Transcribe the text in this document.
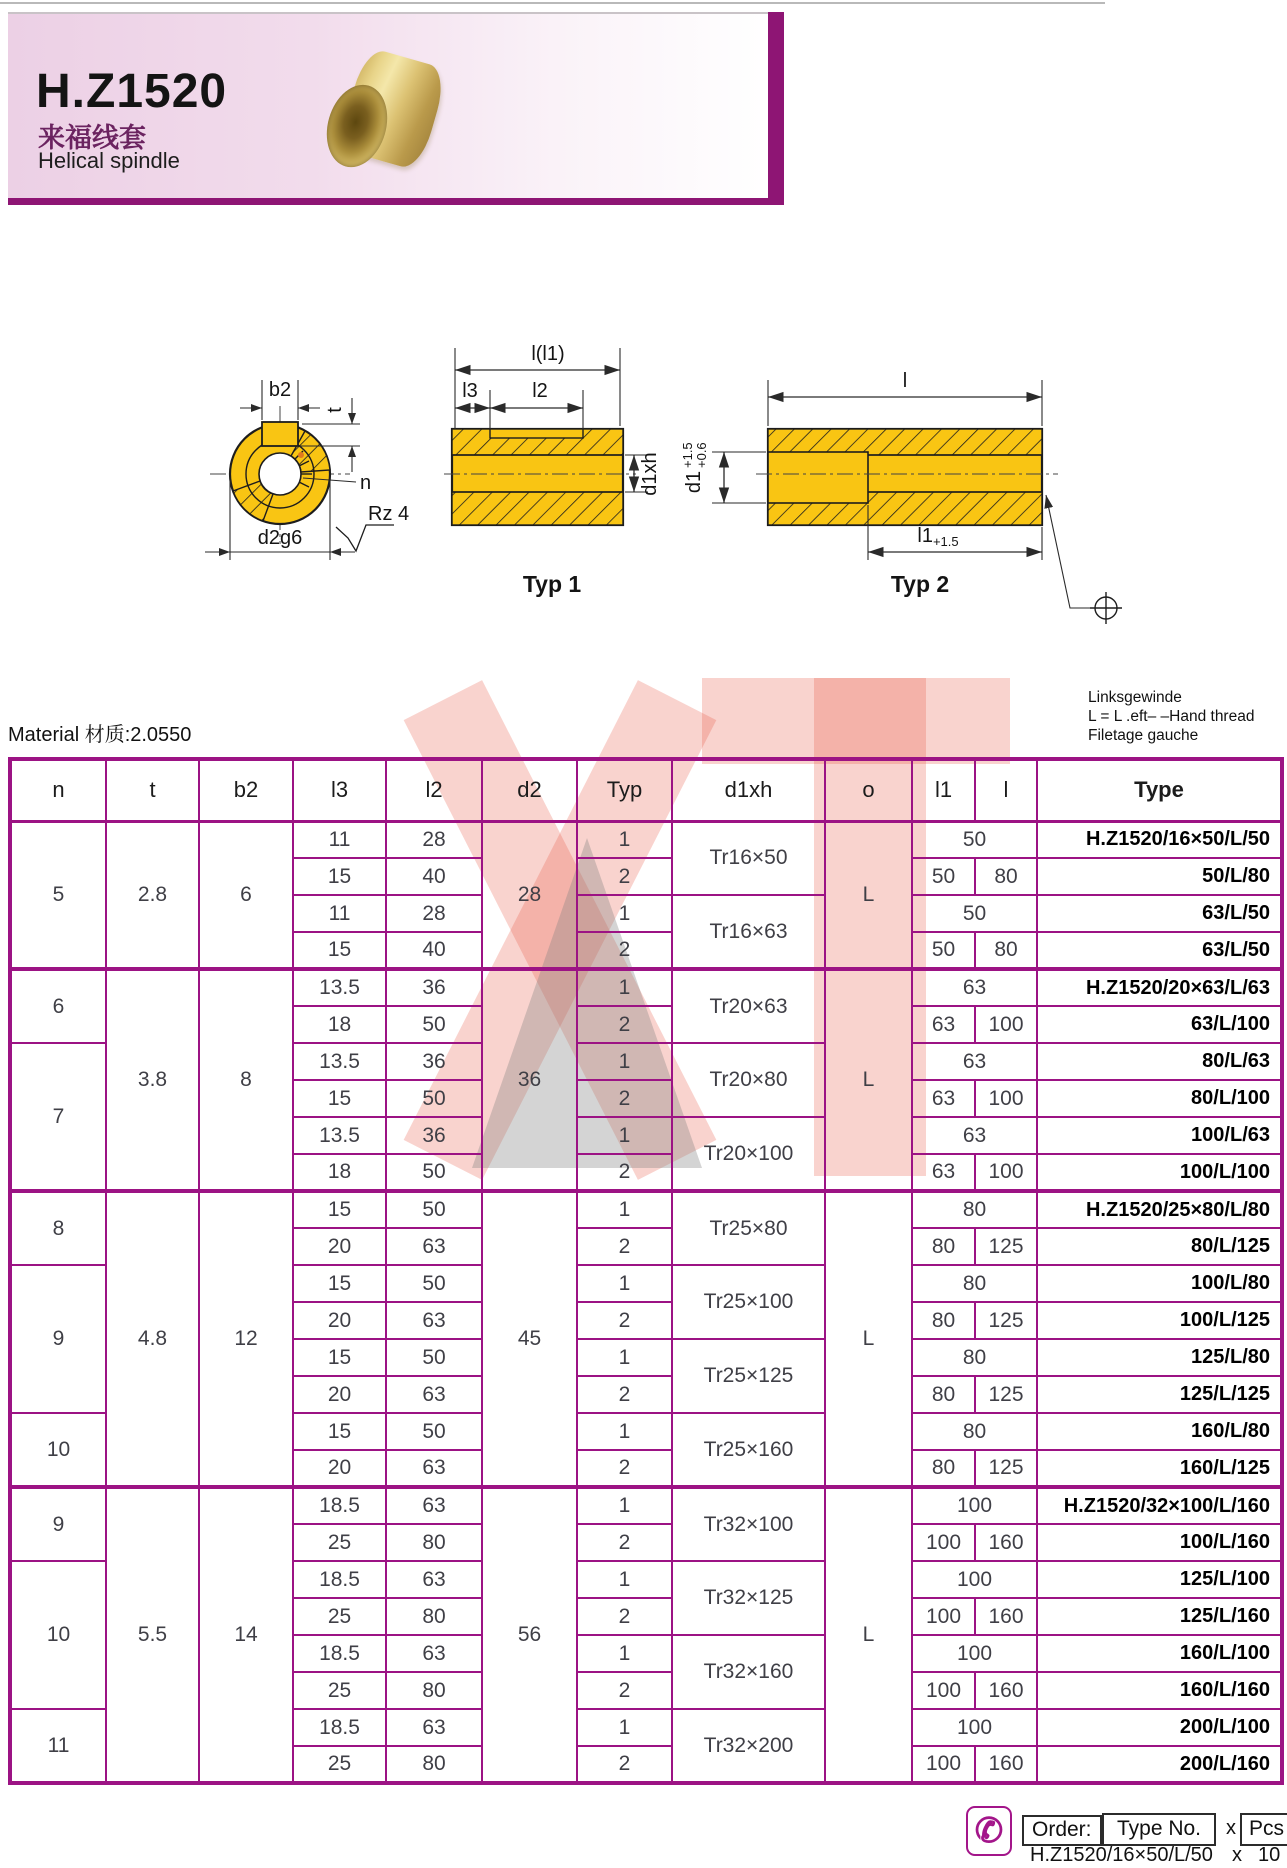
H.Z1520
来福线套
Helical spindle
b2
t
n
d2g6
Rz 4
l(l1)
l3	l2
d1xh
Typ 1
l
$l1_{+1.5}$
d1
+1.5 +0.6
Typ 2
Material 材质:2.0550
Linksgewinde
L = L .eft– –Hand thread
Filetage gauche
n	t	b2	l3	l2	d2	Typ	d1xh	o	l1	l	Type
5	2.8	6	11	28	28	1	Tr16×50	L	50		H.Z1520/16×50/L/50
			15	40		2			50	80	50/L/80
			11	28		1	Tr16×63		50		63/L/50
			15	40		2			50	80	63/L/50
6	3.8	8	13.5	36	36	1	Tr20×63	L	63		H.Z1520/20×63/L/63
			18	50		2			63	100	63/L/100
7			13.5	36		1	Tr20×80		63		80/L/63
			15	50		2			63	100	80/L/100
			13.5	36		1	Tr20×100		63		100/L/63
			18	50		2			63	100	100/L/100
8	4.8	12	15	50	45	1	Tr25×80	L	80		H.Z1520/25×80/L/80
			20	63		2			80	125	80/L/125
9			15	50		1	Tr25×100		80		100/L/80
			20	63		2			80	125	100/L/125
			15	50		1	Tr25×125		80		125/L/80
			20	63		2			80	125	125/L/125
10			15	50		1	Tr25×160		80		160/L/80
			20	63		2			80	125	160/L/125
9	5.5	14	18.5	63	56	1	Tr32×100	L	100		H.Z1520/32×100/L/160
			25	80		2			100	160	100/L/160
10			18.5	63		1	Tr32×125		100		125/L/100
			25	80		2			100	160	125/L/160
			18.5	63		1	Tr32×160		100		160/L/100
			25	80		2			100	160	160/L/160
11			18.5	63		1	Tr32×200		100		200/L/100
			25	80		2			100	160	200/L/160
✆	Order:	Type No.	x Pcs
H.Z1520/16×50/L/50 x 10
